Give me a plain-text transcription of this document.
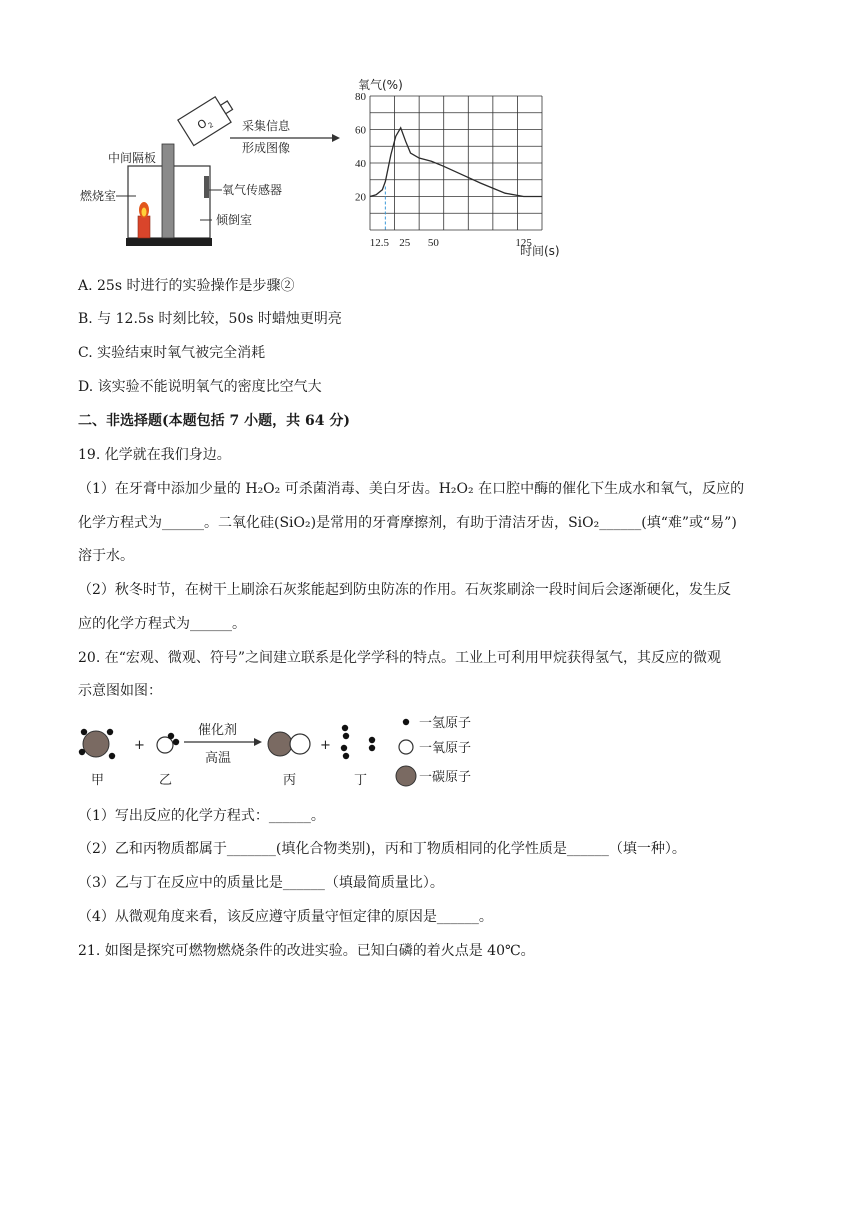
O
2 采集信息
形成图像
中间隔板
燃烧室	氧气传感器
倾倒室
氧气(%)
时间(s)
20
40
60
80
12.5 25 50	125
A. 25s 时进行的实验操作是步骤②
B. 与 12.5s 时刻比较，50s 时蜡烛更明亮
C. 实验结束时氧气被完全消耗
D. 该实验不能说明氧气的密度比空气大
二、非选择题(本题包括 7 小题，共 64 分)
19. 化学就在我们身边。
（1）在牙膏中添加少量的 H₂O₂ 可杀菌消毒、美白牙齿。H₂O₂ 在口腔中酶的催化下生成水和氧气，反应的
化学方程式为______。二氧化硅(SiO₂)是常用的牙膏摩擦剂，有助于清洁牙齿，SiO₂______(填“难”或“易”)
溶于水。
（2）秋冬时节，在树干上刷涂石灰浆能起到防虫防冻的作用。石灰浆刷涂一段时间后会逐渐硬化，发生反
应的化学方程式为______。
20. 在“宏观、微观、符号”之间建立联系是化学学科的特点。工业上可利用甲烷获得氢气，其反应的微观
示意图如图：
+
催化剂
高温
+
甲	乙	丙	丁
一氢原子
一氧原子
一碳原子
（1）写出反应的化学方程式：______。
（2）乙和丙物质都属于_______(填化合物类别)，丙和丁物质相同的化学性质是______（填一种）。
（3）乙与丁在反应中的质量比是______（填最简质量比）。
（4）从微观角度来看，该反应遵守质量守恒定律的原因是______。
21. 如图是探究可燃物燃烧条件的改进实验。已知白磷的着火点是 40℃。
